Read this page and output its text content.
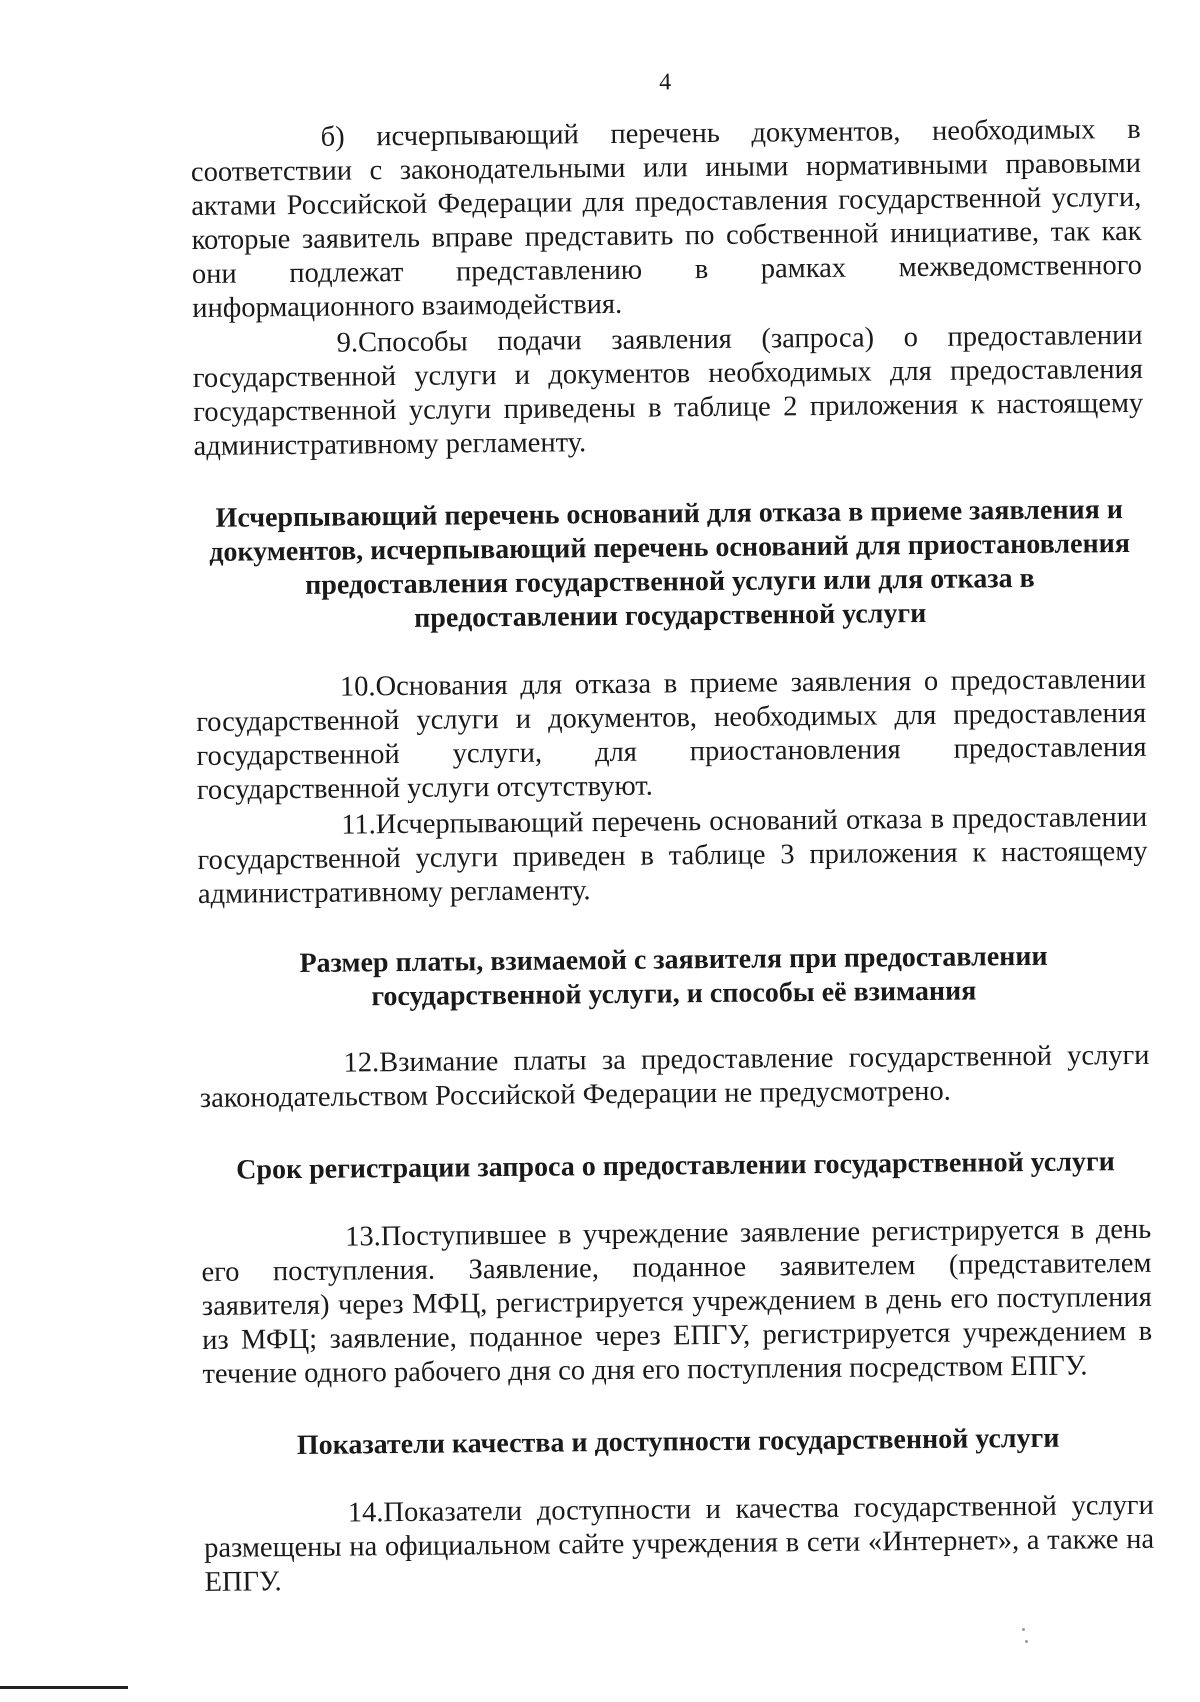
4

б) исчерпывающий перечень документов, необходимых в соответствии с законодательными или иными нормативными правовыми актами Российской Федерации для предоставления государственной услуги, которые заявитель вправе представить по собственной инициативе, так как они подлежат представлению в рамках межведомственного информационного взаимодействия.

9.Способы подачи заявления (запроса) о предоставлении государственной услуги и документов необходимых для предоставления государственной услуги приведены в таблице 2 приложения к настоящему административному регламенту.

Исчерпывающий перечень оснований для отказа в приеме заявления и документов, исчерпывающий перечень оснований для приостановления предоставления государственной услуги или для отказа в предоставлении государственной услуги

10.Основания для отказа в приеме заявления о предоставлении государственной услуги и документов, необходимых для предоставления государственной услуги, для приостановления предоставления государственной услуги отсутствуют.

11.Исчерпывающий перечень оснований отказа в предоставлении государственной услуги приведен в таблице 3 приложения к настоящему административному регламенту.

Размер платы, взимаемой с заявителя при предоставлении государственной услуги, и способы её взимания

12.Взимание платы за предоставление государственной услуги законодательством Российской Федерации не предусмотрено.

Срок регистрации запроса о предоставлении государственной услуги

13.Поступившее в учреждение заявление регистрируется в день его поступления. Заявление, поданное заявителем (представителем заявителя) через МФЦ, регистрируется учреждением в день его поступления из МФЦ; заявление, поданное через ЕПГУ, регистрируется учреждением в течение одного рабочего дня со дня его поступления посредством ЕПГУ.

Показатели качества и доступности государственной услуги

14.Показатели доступности и качества государственной услуги размещены на официальном сайте учреждения в сети «Интернет», а также на ЕПГУ.
